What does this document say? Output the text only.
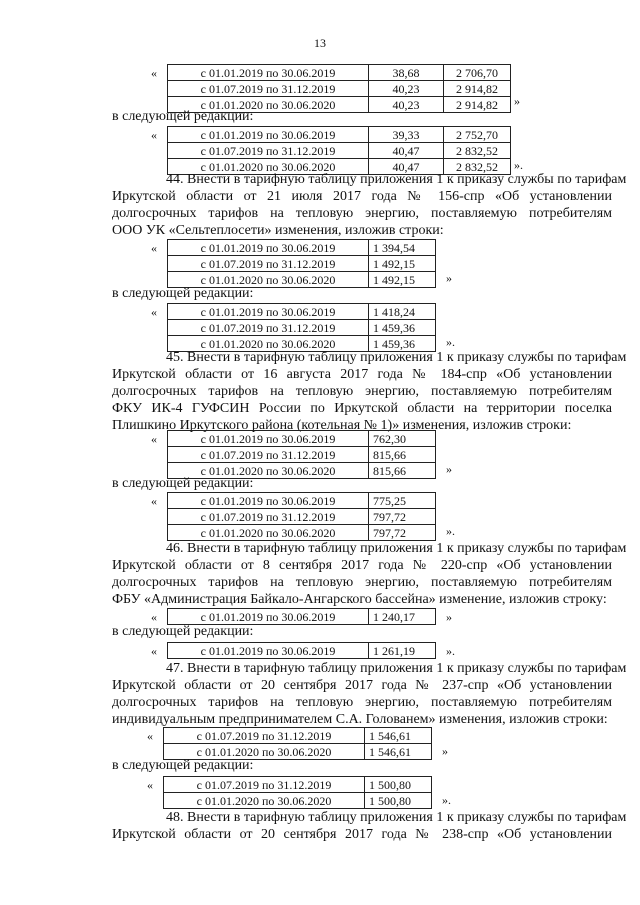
13
«	с 01.01.2019 по 30.06.2019	38,68	2 706,70
с 01.07.2019 по 31.12.2019	40,23	2 914,82
с 01.01.2020 по 30.06.2020	40,23	2 914,82 »
в следующей редакции:
«	с 01.01.2019 по 30.06.2019	39,33	2 752,70
с 01.07.2019 по 31.12.2019	40,47	2 832,52
с 01.01.2020 по 30.06.2020	40,47	2 832,52 ».
44. Внести в тарифную таблицу приложения 1 к приказу службы по тарифам
Иркутской области от 21 июля 2017 года № 156-спр «Об установлении
долгосрочных тарифов на тепловую энергию, поставляемую потребителям
ООО УК «Сельтеплосети» изменения, изложив строки:
«	с 01.01.2019 по 30.06.2019	1 394,54
с 01.07.2019 по 31.12.2019	1 492,15
с 01.01.2020 по 30.06.2020	1 492,15	»
в следующей редакции:
«	с 01.01.2019 по 30.06.2019	1 418,24
с 01.07.2019 по 31.12.2019	1 459,36
с 01.01.2020 по 30.06.2020	1 459,36	».
45. Внести в тарифную таблицу приложения 1 к приказу службы по тарифам
Иркутской области от 16 августа 2017 года № 184-спр «Об установлении
долгосрочных тарифов на тепловую энергию, поставляемую потребителям
ФКУ ИК-4 ГУФСИН России по Иркутской области на территории поселка
Плишкино Иркутского района (котельная № 1)» изменения, изложив строки:
«	с 01.01.2019 по 30.06.2019	762,30
с 01.07.2019 по 31.12.2019	815,66
с 01.01.2020 по 30.06.2020	815,66	»
в следующей редакции:
«	с 01.01.2019 по 30.06.2019	775,25
с 01.07.2019 по 31.12.2019	797,72
с 01.01.2020 по 30.06.2020	797,72	».
46. Внести в тарифную таблицу приложения 1 к приказу службы по тарифам
Иркутской области от 8 сентября 2017 года № 220-спр «Об установлении
долгосрочных тарифов на тепловую энергию, поставляемую потребителям
ФБУ «Администрация Байкало-Ангарского бассейна» изменение, изложив строку:
«	с 01.01.2019 по 30.06.2019	1 240,17	»
в следующей редакции:
«	с 01.01.2019 по 30.06.2019	1 261,19	».
47. Внести в тарифную таблицу приложения 1 к приказу службы по тарифам
Иркутской области от 20 сентября 2017 года № 237-спр «Об установлении
долгосрочных тарифов на тепловую энергию, поставляемую потребителям
индивидуальным предпринимателем С.А. Голованем» изменения, изложив строки:
«	с 01.07.2019 по 31.12.2019	1 546,61
с 01.01.2020 по 30.06.2020	1 546,61	»
в следующей редакции:
«	с 01.07.2019 по 31.12.2019	1 500,80
с 01.01.2020 по 30.06.2020	1 500,80	».
48. Внести в тарифную таблицу приложения 1 к приказу службы по тарифам
Иркутской области от 20 сентября 2017 года № 238-спр «Об установлении
